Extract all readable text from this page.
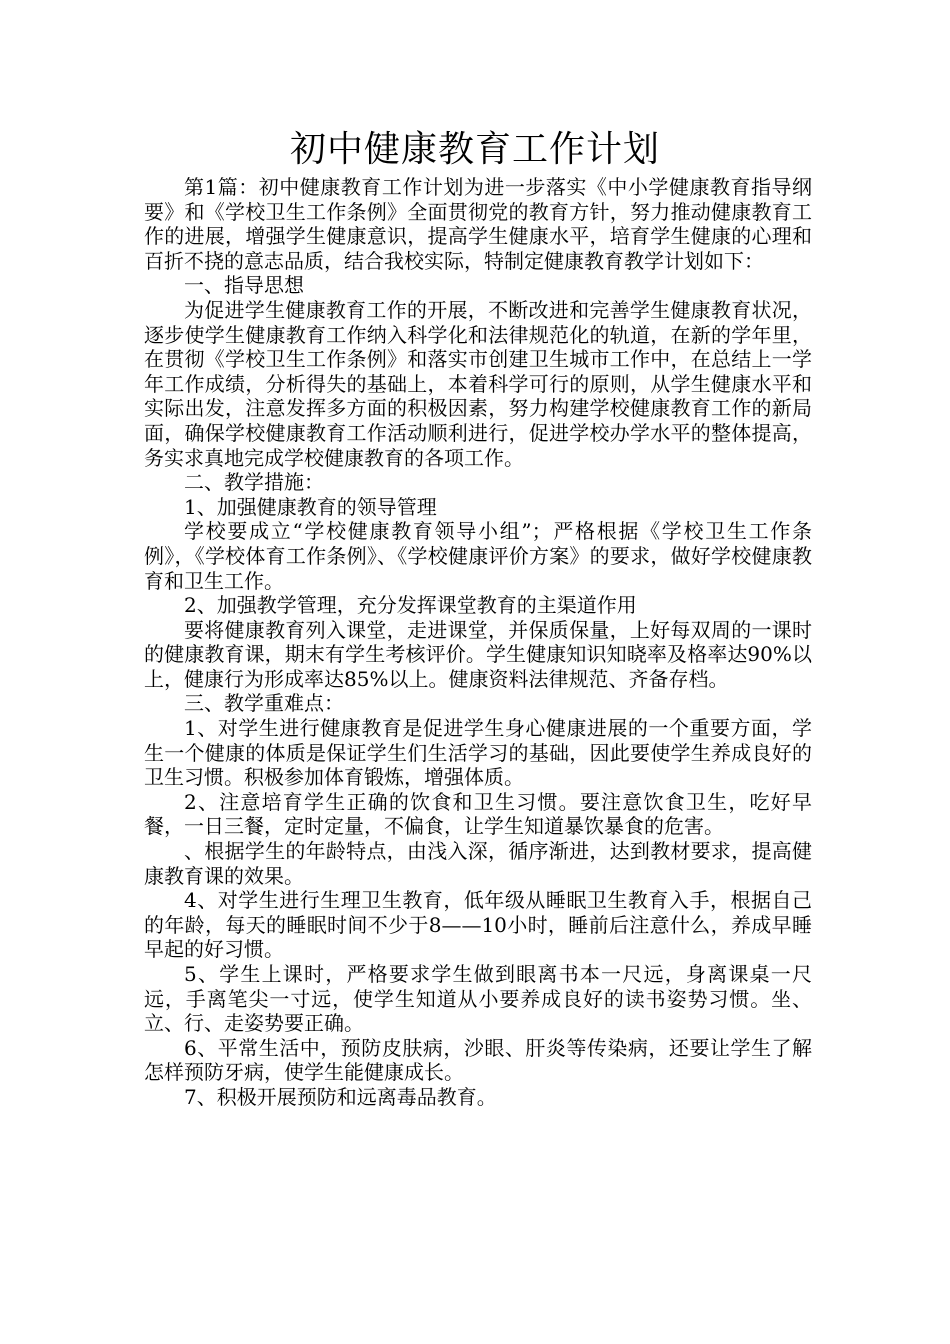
初中健康教育工作计划

第1篇：初中健康教育工作计划为进一步落实《中小学健康教育指导纲要》和《学校卫生工作条例》全面贯彻党的教育方针，努力推动健康教育工作的进展，增强学生健康意识，提高学生健康水平，培育学生健康的心理和百折不挠的意志品质，结合我校实际，特制定健康教育教学计划如下：

一、指导思想

为促进学生健康教育工作的开展，不断改进和完善学生健康教育状况，逐步使学生健康教育工作纳入科学化和法律规范化的轨道，在新的学年里，在贯彻《学校卫生工作条例》和落实市创建卫生城市工作中，在总结上一学年工作成绩，分析得失的基础上，本着科学可行的原则，从学生健康水平和实际出发，注意发挥多方面的积极因素，努力构建学校健康教育工作的新局面，确保学校健康教育工作活动顺利进行，促进学校办学水平的整体提高，务实求真地完成学校健康教育的各项工作。

二、教学措施：

1、加强健康教育的领导管理

学校要成立“学校健康教育领导小组”；严格根据《学校卫生工作条例》，《学校体育工作条例》、《学校健康评价方案》的要求，做好学校健康教育和卫生工作。

2、加强教学管理，充分发挥课堂教育的主渠道作用

要将健康教育列入课堂，走进课堂，并保质保量，上好每双周的一课时的健康教育课，期末有学生考核评价。学生健康知识知晓率及格率达90%以上，健康行为形成率达85%以上。健康资料法律规范、齐备存档。

三、教学重难点：

1、对学生进行健康教育是促进学生身心健康进展的一个重要方面，学生一个健康的体质是保证学生们生活学习的基础，因此要使学生养成良好的卫生习惯。积极参加体育锻炼，增强体质。

2、注意培育学生正确的饮食和卫生习惯。要注意饮食卫生，吃好早餐，一日三餐，定时定量，不偏食，让学生知道暴饮暴食的危害。

、根据学生的年龄特点，由浅入深，循序渐进，达到教材要求，提高健康教育课的效果。

4、对学生进行生理卫生教育，低年级从睡眠卫生教育入手，根据自己的年龄，每天的睡眠时间不少于8——10小时，睡前后注意什么，养成早睡早起的好习惯。

5、学生上课时，严格要求学生做到眼离书本一尺远，身离课桌一尺远，手离笔尖一寸远，使学生知道从小要养成良好的读书姿势习惯。坐、立、行、走姿势要正确。

6、平常生活中，预防皮肤病，沙眼、肝炎等传染病，还要让学生了解怎样预防牙病，使学生能健康成长。

7、积极开展预防和远离毒品教育。
